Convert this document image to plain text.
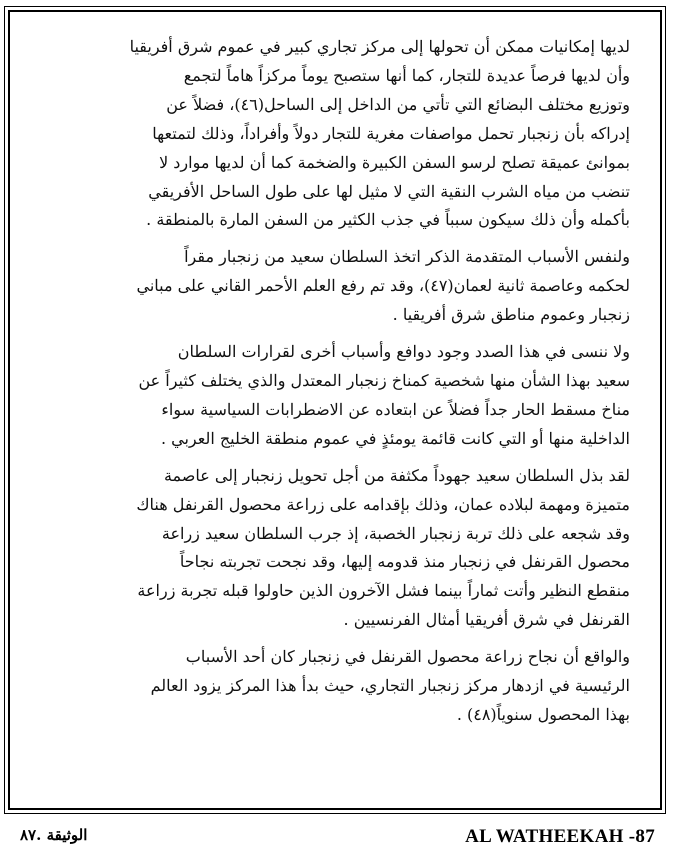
لديها إمكانيات ممكن أن تحولها إلى مركز تجاري كبير في عموم شرق أفريقيا

وأن لديها فرصاً عديدة للتجار، كما أنها ستصبح يوماً مركزاً هاماً لتجمع

وتوزيع مختلف البضائع التي تأتي من الداخل إلى الساحل(٤٦)، فضلاً عن

إدراكه بأن زنجبار تحمل مواصفات مغرية للتجار دولاً وأفراداً، وذلك لتمتعها

بموانئ عميقة تصلح لرسو السفن الكبيرة والضخمة كما أن لديها موارد لا

تنضب من مياه الشرب النقية التي لا مثيل لها على طول الساحل الأفريقي

بأكمله وأن ذلك سيكون سبباً في جذب الكثير من السفن المارة بالمنطقة .

ولنفس الأسباب المتقدمة الذكر اتخذ السلطان سعيد من زنجبار مقراً

لحكمه وعاصمة ثانية لعمان(٤٧)، وقد تم رفع العلم الأحمر القاني على مباني

زنجبار وعموم مناطق شرق أفريقيا .

ولا ننسى في هذا الصدد وجود دوافع وأسباب أخرى لقرارات السلطان

سعيد بهذا الشأن منها شخصية كمناخ زنجبار المعتدل والذي يختلف كثيراً عن

مناخ مسقط الحار جداً فضلاً عن ابتعاده عن الاضطرابات السياسية سواء

الداخلية منها أو التي كانت قائمة يومئذٍ في عموم منطقة الخليج العربي .

لقد بذل السلطان سعيد جهوداً مكثفة من أجل تحويل زنجبار إلى عاصمة

متميزة ومهمة لبلاده عمان، وذلك بإقدامه على زراعة محصول القرنفل هناك

وقد شجعه على ذلك تربة زنجبار الخصبة، إذ جرب السلطان سعيد زراعة

محصول القرنفل في زنجبار منذ قدومه إليها، وقد نجحت تجربته نجاحاً

منقطع النظير وأتت ثماراً بينما فشل الآخرون الذين حاولوا قبله تجربة زراعة

القرنفل في شرق أفريقيا أمثال الفرنسيين .

والواقع أن نجاح زراعة محصول القرنفل في زنجبار كان أحد الأسباب

الرئيسية في ازدهار مركز زنجبار التجاري، حيث بدأ هذا المركز يزود العالم

بهذا المحصول سنوياً(٤٨) .

الوثيقة .٨٧	AL WATHEEKAH -87
